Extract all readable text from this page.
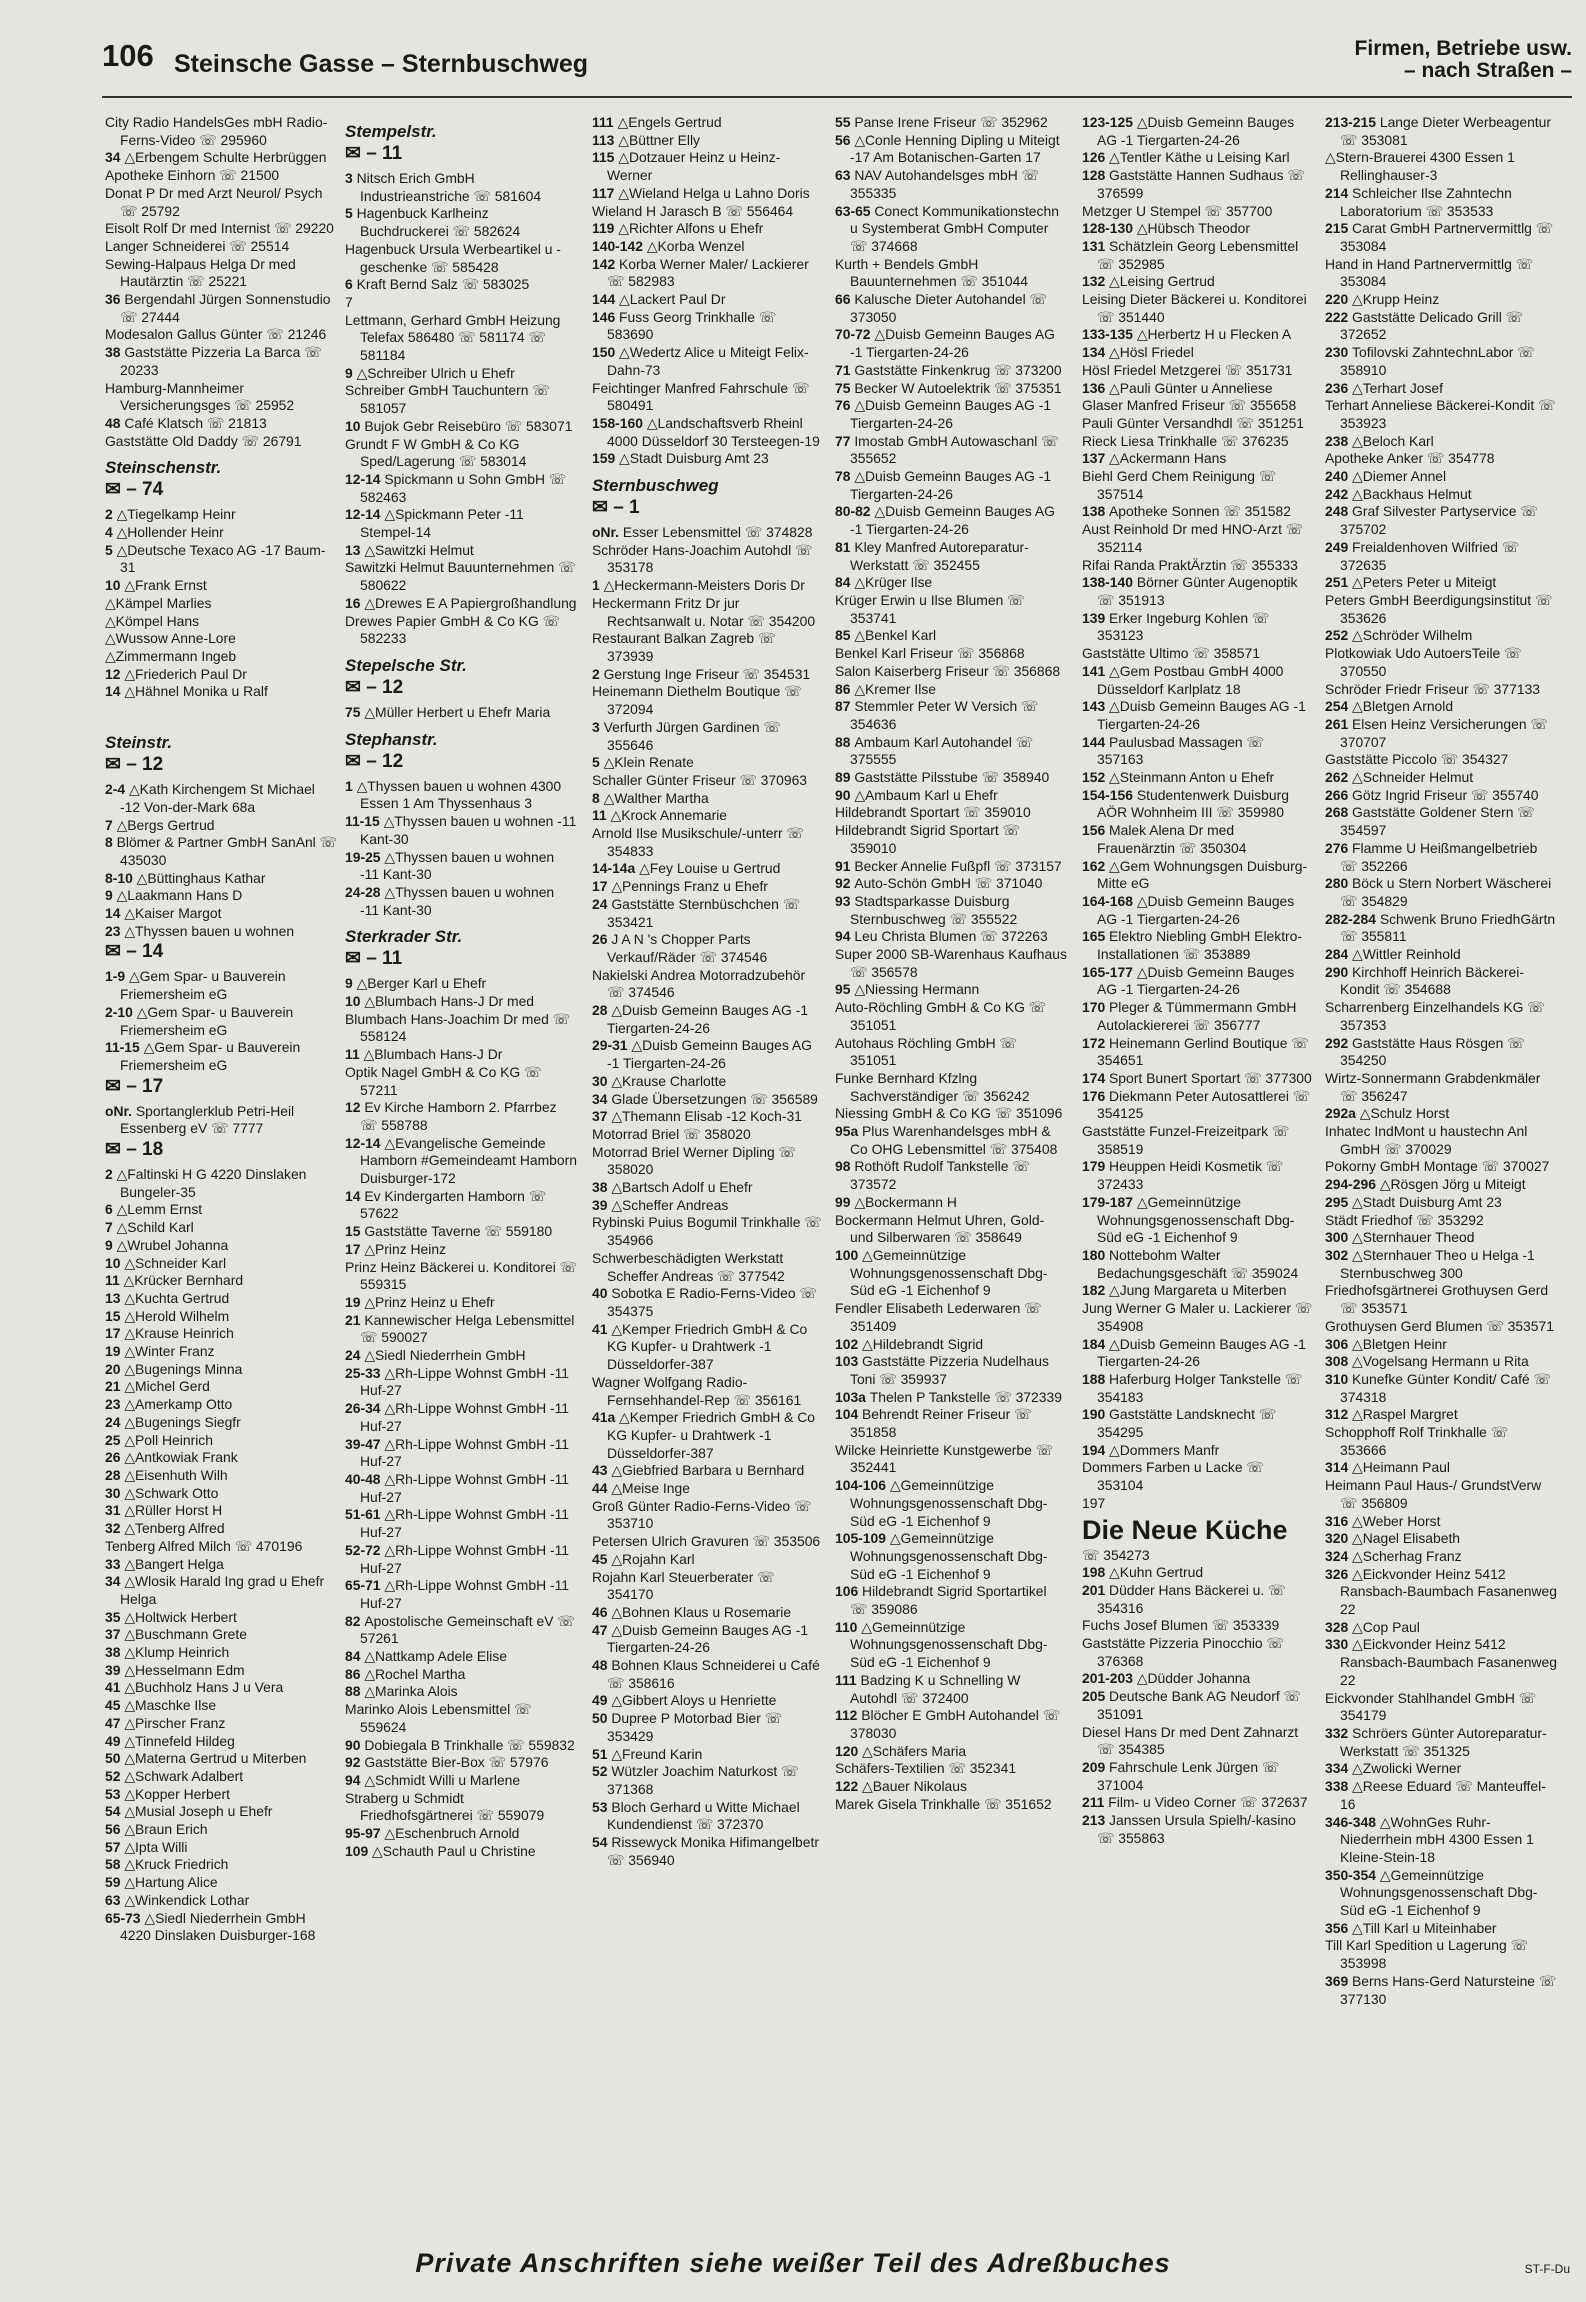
106 Steinsche Gasse – Sternbuschweg
Firmen, Betriebe usw.
– nach Straßen –
City Radio HandelsGes mbH Radio-Ferns-Video ☏ 295960
34 △Erbengem Schulte Herbrüggen
Apotheke Einhorn ☏ 21500
Donat P Dr med Arzt Neurol/ Psych ☏ 25792
Eisolt Rolf Dr med Internist ☏ 29220
Langer Schneiderei ☏ 25514
Sewing-Halpaus Helga Dr med Hautärztin ☏ 25221
36 Bergendahl Jürgen Sonnenstudio ☏ 27444
Modesalon Gallus Günter ☏ 21246
38 Gaststätte Pizzeria La Barca ☏ 20233
Hamburg-Mannheimer Versicherungsges ☏ 25952
48 Café Klatsch ☏ 21813
Gaststätte Old Daddy ☏ 26791
Steinschenstr.
✉ – 74
2 △Tiegelkamp Heinr
4 △Hollender Heinr
5 △Deutsche Texaco AG -17 Baum-31
10 △Frank Ernst
△Kämpel Marlies
△Kömpel Hans
△Wussow Anne-Lore
△Zimmermann Ingeb
12 △Friederich Paul Dr
14 △Hähnel Monika u Ralf
Steinstr.
✉ – 12
2-4 △Kath Kirchengem St Michael -12 Von-der-Mark 68a
7 △Bergs Gertrud
8 Blömer & Partner GmbH SanAnl ☏ 435030
8-10 △Büttinghaus Kathar
9 △Laakmann Hans D
14 △Kaiser Margot
23 △Thyssen bauen u wohnen
✉ – 14
1-9 △Gem Spar- u Bauverein Friemersheim eG
2-10 △Gem Spar- u Bauverein Friemersheim eG
11-15 △Gem Spar- u Bauverein Friemersheim eG
✉ – 17
oNr. Sportanglerklub Petri-Heil Essenberg eV ☏ 7777
✉ – 18
2 △Faltinski H G 4220 Dinslaken Bungeler-35
6 △Lemm Ernst
7 △Schild Karl
9 △Wrubel Johanna
10 △Schneider Karl
11 △Krücker Bernhard
13 △Kuchta Gertrud
15 △Herold Wilhelm
17 △Krause Heinrich
19 △Winter Franz
20 △Bugenings Minna
21 △Michel Gerd
23 △Amerkamp Otto
24 △Bugenings Siegfr
25 △Poll Heinrich
26 △Antkowiak Frank
28 △Eisenhuth Wilh
30 △Schwark Otto
31 △Rüller Horst H
32 △Tenberg Alfred
Tenberg Alfred Milch ☏ 470196
33 △Bangert Helga
34 △Wlosik Harald Ing grad u Ehefr Helga
35 △Holtwick Herbert
37 △Buschmann Grete
38 △Klump Heinrich
39 △Hesselmann Edm
41 △Buchholz Hans J u Vera
45 △Maschke Ilse
47 △Pirscher Franz
49 △Tinnefeld Hildeg
50 △Materna Gertrud u Miterben
52 △Schwark Adalbert
53 △Kopper Herbert
54 △Musial Joseph u Ehefr
56 △Braun Erich
57 △Ipta Willi
58 △Kruck Friedrich
59 △Hartung Alice
63 △Winkendick Lothar
65-73 △Siedl Niederrhein GmbH 4220 Dinslaken Duisburger-168
Stempelstr.
✉ – 11
3 Nitsch Erich GmbH Industrieanstriche ☏ 581604
5 Hagenbuck Karlheinz Buchdruckerei ☏ 582624
Hagenbuck Ursula Werbeartikel u -geschenke ☏ 585428
6 Kraft Bernd Salz ☏ 583025
7
Lettmann, Gerhard GmbH Heizung Telefax 586480 ☏ 581174 ☏ 581184
9 △Schreiber Ulrich u Ehefr
Schreiber GmbH Tauchuntern ☏ 581057
10 Bujok Gebr Reisebüro ☏ 583071
Grundt F W GmbH & Co KG Sped/Lagerung ☏ 583014
12-14 Spickmann u Sohn GmbH ☏ 582463
12-14 △Spickmann Peter -11 Stempel-14
13 △Sawitzki Helmut
Sawitzki Helmut Bauunternehmen ☏ 580622
16 △Drewes E A Papiergroßhandlung
Drewes Papier GmbH & Co KG ☏ 582233
Stepelsche Str.
✉ – 12
75 △Müller Herbert u Ehefr Maria
Stephanstr.
✉ – 12
1 △Thyssen bauen u wohnen 4300 Essen 1 Am Thyssenhaus 3
11-15 △Thyssen bauen u wohnen -11 Kant-30
19-25 △Thyssen bauen u wohnen -11 Kant-30
24-28 △Thyssen bauen u wohnen -11 Kant-30
Sterkrader Str.
✉ – 11
9 △Berger Karl u Ehefr
10 △Blumbach Hans-J Dr med
Blumbach Hans-Joachim Dr med ☏ 558124
11 △Blumbach Hans-J Dr
Optik Nagel GmbH & Co KG ☏ 57211
12 Ev Kirche Hamborn 2. Pfarrbez ☏ 558788
12-14 △Evangelische Gemeinde Hamborn #Gemeindeamt Hamborn Duisburger-172
14 Ev Kindergarten Hamborn ☏ 57622
15 Gaststätte Taverne ☏ 559180
17 △Prinz Heinz
Prinz Heinz Bäckerei u. Konditorei ☏ 559315
19 △Prinz Heinz u Ehefr
21 Kannewischer Helga Lebensmittel ☏ 590027
24 △Siedl Niederrhein GmbH
25-33 △Rh-Lippe Wohnst GmbH -11 Huf-27
26-34 △Rh-Lippe Wohnst GmbH -11 Huf-27
39-47 △Rh-Lippe Wohnst GmbH -11 Huf-27
40-48 △Rh-Lippe Wohnst GmbH -11 Huf-27
51-61 △Rh-Lippe Wohnst GmbH -11 Huf-27
52-72 △Rh-Lippe Wohnst GmbH -11 Huf-27
65-71 △Rh-Lippe Wohnst GmbH -11 Huf-27
82 Apostolische Gemeinschaft eV ☏ 57261
84 △Nattkamp Adele Elise
86 △Rochel Martha
88 △Marinka Alois
Marinko Alois Lebensmittel ☏ 559624
90 Dobiegala B Trinkhalle ☏ 559832
92 Gaststätte Bier-Box ☏ 57976
94 △Schmidt Willi u Marlene
Straberg u Schmidt Friedhofsgärtnerei ☏ 559079
95-97 △Eschenbruch Arnold
109 △Schauth Paul u Christine
111 △Engels Gertrud
113 △Büttner Elly
115 △Dotzauer Heinz u Heinz-Werner
117 △Wieland Helga u Lahno Doris
Wieland H Jarasch B ☏ 556464
119 △Richter Alfons u Ehefr
140-142 △Korba Wenzel
142 Korba Werner Maler/ Lackierer ☏ 582983
144 △Lackert Paul Dr
146 Fuss Georg Trinkhalle ☏ 583690
150 △Wedertz Alice u Miteigt Felix-Dahn-73
Feichtinger Manfred Fahrschule ☏ 580491
158-160 △Landschaftsverb Rheinl 4000 Düsseldorf 30 Tersteegen-19
159 △Stadt Duisburg Amt 23
Sternbuschweg
✉ – 1
oNr. Esser Lebensmittel ☏ 374828
Schröder Hans-Joachim Autohdl ☏ 353178
1 △Heckermann-Meisters Doris Dr
Heckermann Fritz Dr jur Rechtsanwalt u. Notar ☏ 354200
Restaurant Balkan Zagreb ☏ 373939
2 Gerstung Inge Friseur ☏ 354531
Heinemann Diethelm Boutique ☏ 372094
3 Verfurth Jürgen Gardinen ☏ 355646
5 △Klein Renate
Schaller Günter Friseur ☏ 370963
8 △Walther Martha
11 △Krock Annemarie
Arnold Ilse Musikschule/-unterr ☏ 354833
14-14a △Fey Louise u Gertrud
17 △Pennings Franz u Ehefr
24 Gaststätte Sternbüschchen ☏ 353421
26 J A N 's Chopper Parts Verkauf/Räder ☏ 374546
Nakielski Andrea Motorradzubehör ☏ 374546
28 △Duisb Gemeinn Bauges AG -1 Tiergarten-24-26
29-31 △Duisb Gemeinn Bauges AG -1 Tiergarten-24-26
30 △Krause Charlotte
34 Glade Übersetzungen ☏ 356589
37 △Themann Elisab -12 Koch-31
Motorrad Briel ☏ 358020
Motorrad Briel Werner Dipling ☏ 358020
38 △Bartsch Adolf u Ehefr
39 △Scheffer Andreas
Rybinski Puius Bogumil Trinkhalle ☏ 354966
Schwerbeschädigten Werkstatt Scheffer Andreas ☏ 377542
40 Sobotka E Radio-Ferns-Video ☏ 354375
41 △Kemper Friedrich GmbH & Co KG Kupfer- u Drahtwerk -1 Düsseldorfer-387
Wagner Wolfgang Radio-Fernsehhandel-Rep ☏ 356161
41a △Kemper Friedrich GmbH & Co KG Kupfer- u Drahtwerk -1 Düsseldorfer-387
43 △Giebfried Barbara u Bernhard
44 △Meise Inge
Groß Günter Radio-Ferns-Video ☏ 353710
Petersen Ulrich Gravuren ☏ 353506
45 △Rojahn Karl
Rojahn Karl Steuerberater ☏ 354170
46 △Bohnen Klaus u Rosemarie
47 △Duisb Gemeinn Bauges AG -1 Tiergarten-24-26
48 Bohnen Klaus Schneiderei u Café ☏ 358616
49 △Gibbert Aloys u Henriette
50 Dupree P Motorbad Bier ☏ 353429
51 △Freund Karin
52 Wützler Joachim Naturkost ☏ 371368
53 Bloch Gerhard u Witte Michael Kundendienst ☏ 372370
54 Rissewyck Monika Hifimangelbetr ☏ 356940
55 Panse Irene Friseur ☏ 352962
56 △Conle Henning Dipling u Miteigt -17 Am Botanischen-Garten 17
63 NAV Autohandelsges mbH ☏ 355335
63-65 Conect Kommunikationstechn u Systemberat GmbH Computer ☏ 374668
Kurth + Bendels GmbH Bauunternehmen ☏ 351044
66 Kalusche Dieter Autohandel ☏ 373050
70-72 △Duisb Gemeinn Bauges AG -1 Tiergarten-24-26
71 Gaststätte Finkenkrug ☏ 373200
75 Becker W Autoelektrik ☏ 375351
76 △Duisb Gemeinn Bauges AG -1 Tiergarten-24-26
77 Imostab GmbH Autowaschanl ☏ 355652
78 △Duisb Gemeinn Bauges AG -1 Tiergarten-24-26
80-82 △Duisb Gemeinn Bauges AG -1 Tiergarten-24-26
81 Kley Manfred Autoreparatur-Werkstatt ☏ 352455
84 △Krüger Ilse
Krüger Erwin u Ilse Blumen ☏ 353741
85 △Benkel Karl
Benkel Karl Friseur ☏ 356868
Salon Kaiserberg Friseur ☏ 356868
86 △Kremer Ilse
87 Stemmler Peter W Versich ☏ 354636
88 Ambaum Karl Autohandel ☏ 375555
89 Gaststätte Pilsstube ☏ 358940
90 △Ambaum Karl u Ehefr
Hildebrandt Sportart ☏ 359010
Hildebrandt Sigrid Sportart ☏ 359010
91 Becker Annelie Fußpfl ☏ 373157
92 Auto-Schön GmbH ☏ 371040
93 Stadtsparkasse Duisburg Sternbuschweg ☏ 355522
94 Leu Christa Blumen ☏ 372263
Super 2000 SB-Warenhaus Kaufhaus ☏ 356578
95 △Niessing Hermann
Auto-Röchling GmbH & Co KG ☏ 351051
Autohaus Röchling GmbH ☏ 351051
Funke Bernhard Kfzlng Sachverständiger ☏ 356242
Niessing GmbH & Co KG ☏ 351096
95a Plus Warenhandelsges mbH & Co OHG Lebensmittel ☏ 375408
98 Rothöft Rudolf Tankstelle ☏ 373572
99 △Bockermann H
Bockermann Helmut Uhren, Gold- und Silberwaren ☏ 358649
100 △Gemeinnützige Wohnungsgenossenschaft Dbg-Süd eG -1 Eichenhof 9
Fendler Elisabeth Lederwaren ☏ 351409
102 △Hildebrandt Sigrid
103 Gaststätte Pizzeria Nudelhaus Toni ☏ 359937
103a Thelen P Tankstelle ☏ 372339
104 Behrendt Reiner Friseur ☏ 351858
Wilcke Heinriette Kunstgewerbe ☏ 352441
104-106 △Gemeinnützige Wohnungsgenossenschaft Dbg-Süd eG -1 Eichenhof 9
105-109 △Gemeinnützige Wohnungsgenossenschaft Dbg-Süd eG -1 Eichenhof 9
106 Hildebrandt Sigrid Sportartikel ☏ 359086
110 △Gemeinnützige Wohnungsgenossenschaft Dbg-Süd eG -1 Eichenhof 9
111 Badzing K u Schnelling W Autohdl ☏ 372400
112 Blöcher E GmbH Autohandel ☏ 378030
120 △Schäfers Maria
Schäfers-Textilien ☏ 352341
122 △Bauer Nikolaus
Marek Gisela Trinkhalle ☏ 351652
123-125 △Duisb Gemeinn Bauges AG -1 Tiergarten-24-26
126 △Tentler Käthe u Leising Karl
128 Gaststätte Hannen Sudhaus ☏ 376599
Metzger U Stempel ☏ 357700
128-130 △Hübsch Theodor
131 Schätzlein Georg Lebensmittel ☏ 352985
132 △Leising Gertrud
Leising Dieter Bäckerei u. Konditorei ☏ 351440
133-135 △Herbertz H u Flecken A
134 △Hösl Friedel
Hösl Friedel Metzgerei ☏ 351731
136 △Pauli Günter u Anneliese
Glaser Manfred Friseur ☏ 355658
Pauli Günter Versandhdl ☏ 351251
Rieck Liesa Trinkhalle ☏ 376235
137 △Ackermann Hans
Biehl Gerd Chem Reinigung ☏ 357514
138 Apotheke Sonnen ☏ 351582
Aust Reinhold Dr med HNO-Arzt ☏ 352114
Rifai Randa PraktÄrztin ☏ 355333
138-140 Börner Günter Augenoptik ☏ 351913
139 Erker Ingeburg Kohlen ☏ 353123
Gaststätte Ultimo ☏ 358571
141 △Gem Postbau GmbH 4000 Düsseldorf Karlplatz 18
143 △Duisb Gemeinn Bauges AG -1 Tiergarten-24-26
144 Paulusbad Massagen ☏ 357163
152 △Steinmann Anton u Ehefr
154-156 Studentenwerk Duisburg AÖR Wohnheim III ☏ 359980
156 Malek Alena Dr med Frauenärztin ☏ 350304
162 △Gem Wohnungsgen Duisburg-Mitte eG
164-168 △Duisb Gemeinn Bauges AG -1 Tiergarten-24-26
165 Elektro Niebling GmbH Elektro-Installationen ☏ 353889
165-177 △Duisb Gemeinn Bauges AG -1 Tiergarten-24-26
170 Pleger & Tümmermann GmbH Autolackiererei ☏ 356777
172 Heinemann Gerlind Boutique ☏ 354651
174 Sport Bunert Sportart ☏ 377300
176 Diekmann Peter Autosattlerei ☏ 354125
Gaststätte Funzel-Freizeitpark ☏ 358519
179 Heuppen Heidi Kosmetik ☏ 372433
179-187 △Gemeinnützige Wohnungsgenossenschaft Dbg-Süd eG -1 Eichenhof 9
180 Nottebohm Walter Bedachungsgeschäft ☏ 359024
182 △Jung Margareta u Miterben
Jung Werner G Maler u. Lackierer ☏ 354908
184 △Duisb Gemeinn Bauges AG -1 Tiergarten-24-26
188 Haferburg Holger Tankstelle ☏ 354183
190 Gaststätte Landsknecht ☏ 354295
194 △Dommers Manfr
Dommers Farben u Lacke ☏ 353104
197
Die Neue Küche
☏ 354273
198 △Kuhn Gertrud
201 Düdder Hans Bäckerei u. ☏ 354316
Fuchs Josef Blumen ☏ 353339
Gaststätte Pizzeria Pinocchio ☏ 376368
201-203 △Düdder Johanna
205 Deutsche Bank AG Neudorf ☏ 351091
Diesel Hans Dr med Dent Zahnarzt ☏ 354385
209 Fahrschule Lenk Jürgen ☏ 371004
211 Film- u Video Corner ☏ 372637
213 Janssen Ursula Spielh/-kasino ☏ 355863
213-215 Lange Dieter Werbeagentur ☏ 353081
△Stern-Brauerei 4300 Essen 1 Rellinghauser-3
214 Schleicher Ilse Zahntechn Laboratorium ☏ 353533
215 Carat GmbH Partnervermittlg ☏ 353084
Hand in Hand Partnervermittlg ☏ 353084
220 △Krupp Heinz
222 Gaststätte Delicado Grill ☏ 372652
230 Tofilovski ZahntechnLabor ☏ 358910
236 △Terhart Josef
Terhart Anneliese Bäckerei-Kondit ☏ 353923
238 △Beloch Karl
Apotheke Anker ☏ 354778
240 △Diemer Annel
242 △Backhaus Helmut
248 Graf Silvester Partyservice ☏ 375702
249 Freialdenhoven Wilfried ☏ 372635
251 △Peters Peter u Miteigt
Peters GmbH Beerdigungsinstitut ☏ 353626
252 △Schröder Wilhelm
Plotkowiak Udo AutoersTeile ☏ 370550
Schröder Friedr Friseur ☏ 377133
254 △Bletgen Arnold
261 Elsen Heinz Versicherungen ☏ 370707
Gaststätte Piccolo ☏ 354327
262 △Schneider Helmut
266 Götz Ingrid Friseur ☏ 355740
268 Gaststätte Goldener Stern ☏ 354597
276 Flamme U Heißmangelbetrieb ☏ 352266
280 Böck u Stern Norbert Wäscherei ☏ 354829
282-284 Schwenk Bruno FriedhGärtn ☏ 355811
284 △Wittler Reinhold
290 Kirchhoff Heinrich Bäckerei-Kondit ☏ 354688
Scharrenberg Einzelhandels KG ☏ 357353
292 Gaststätte Haus Rösgen ☏ 354250
Wirtz-Sonnermann Grabdenkmäler ☏ 356247
292a △Schulz Horst
Inhatec IndMont u haustechn Anl GmbH ☏ 370029
Pokorny GmbH Montage ☏ 370027
294-296 △Rösgen Jörg u Miteigt
295 △Stadt Duisburg Amt 23
Städt Friedhof ☏ 353292
300 △Sternhauer Theod
302 △Sternhauer Theo u Helga -1 Sternbuschweg 300
Friedhofsgärtnerei Grothuysen Gerd ☏ 353571
Grothuysen Gerd Blumen ☏ 353571
306 △Bletgen Heinr
308 △Vogelsang Hermann u Rita
310 Kunefke Günter Kondit/ Café ☏ 374318
312 △Raspel Margret
Schopphoff Rolf Trinkhalle ☏ 353666
314 △Heimann Paul
Heimann Paul Haus-/ GrundstVerw ☏ 356809
316 △Weber Horst
320 △Nagel Elisabeth
324 △Scherhag Franz
326 △Eickvonder Heinz 5412 Ransbach-Baumbach Fasanenweg 22
328 △Cop Paul
330 △Eickvonder Heinz 5412 Ransbach-Baumbach Fasanenweg 22
Eickvonder Stahlhandel GmbH ☏ 354179
332 Schröers Günter Autoreparatur-Werkstatt ☏ 351325
334 △Zwolicki Werner
338 △Reese Eduard ☏ Manteuffel-16
346-348 △WohnGes Ruhr-Niederrhein mbH 4300 Essen 1 Kleine-Stein-18
350-354 △Gemeinnützige Wohnungsgenossenschaft Dbg-Süd eG -1 Eichenhof 9
356 △Till Karl u Miteinhaber
Till Karl Spedition u Lagerung ☏ 353998
369 Berns Hans-Gerd Natursteine ☏ 377130
Private Anschriften siehe weißer Teil des Adreßbuches	ST-F-Du
